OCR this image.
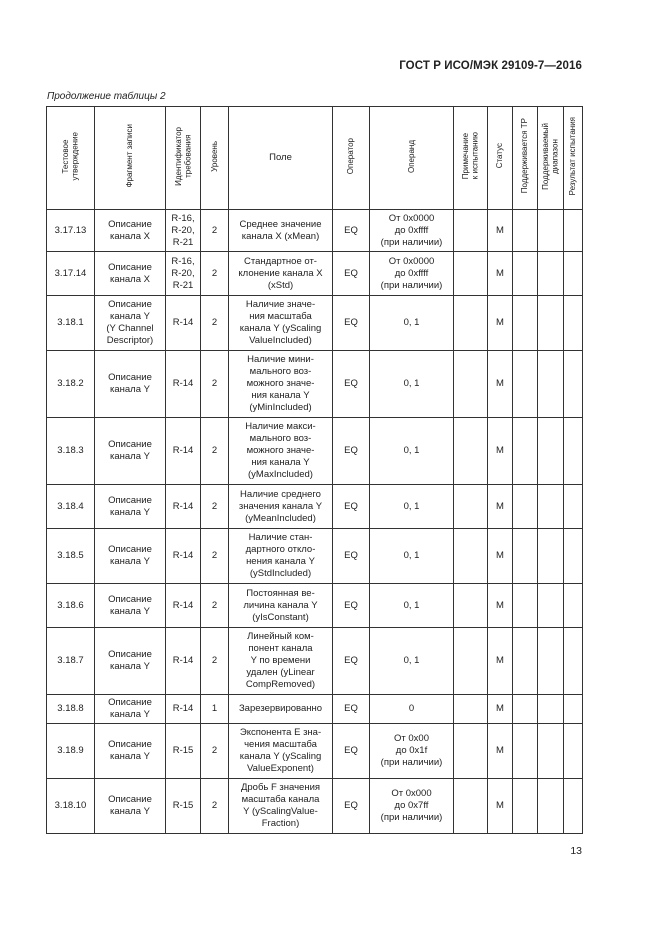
ГОСТ Р ИСО/МЭК 29109-7—2016
Продолжение таблицы 2
Тестовое
утверждение	Фрагмент записи	Идентификатор
требования	Уровень	Поле	Оператор	Операнд	Примечание
к испытанию	Статус	Поддерживается ТР	Поддерживаемый
диапазон	Результат испытания
3.17.13	Описание
канала X	R-16,
R-20,
R-21	2	Среднее значение
канала X (xMean)	EQ	От 0x0000
до 0xffff
(при наличии)		M			
3.17.14	Описание
канала X	R-16,
R-20,
R-21	2	Стандартное от-
клонение канала X
(xStd)	EQ	От 0x0000
до 0xffff
(при наличии)		M			
3.18.1	Описание
канала Y
(Y Channel
Descriptor)	R-14	2	Наличие значе-
ния масштаба
канала Y (yScaling
ValueIncluded)	EQ	0, 1		M			
3.18.2	Описание
канала Y	R-14	2	Наличие мини-
мального воз-
можного значе-
ния канала Y
(yMinIncluded)	EQ	0, 1		M			
3.18.3	Описание
канала Y	R-14	2	Наличие макси-
мального воз-
можного значе-
ния канала Y
(yMaxIncluded)	EQ	0, 1		M			
3.18.4	Описание
канала Y	R-14	2	Наличие среднего
значения канала Y
(yMeanIncluded)	EQ	0, 1		M			
3.18.5	Описание
канала Y	R-14	2	Наличие стан-
дартного откло-
нения канала Y
(yStdIncluded)	EQ	0, 1		M			
3.18.6	Описание
канала Y	R-14	2	Постоянная ве-
личина канала Y
(yIsConstant)	EQ	0, 1		M			
3.18.7	Описание
канала Y	R-14	2	Линейный ком-
понент канала
Y по времени
удален (yLinear
CompRemoved)	EQ	0, 1		M			
3.18.8	Описание
канала Y	R-14	1	Зарезервированно	EQ	0		M			
3.18.9	Описание
канала Y	R-15	2	Экспонента E зна-
чения масштаба
канала Y (yScaling
ValueExponent)	EQ	От 0x00
до 0x1f
(при наличии)		M			
3.18.10	Описание
канала Y	R-15	2	Дробь F значения
масштаба канала
Y (yScalingValue-
Fraction)	EQ	От 0x000
до 0x7ff
(при наличии)		M			
13
